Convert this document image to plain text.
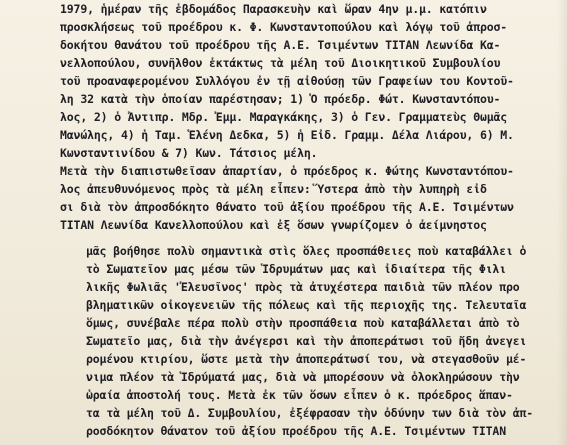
1979, ἡμέραν τῆς ἑβδομάδος Παρασκευὴν καὶ ὥραν 4ην μ.μ. κατόπιν
προσκλήσεως τοῦ προέδρου κ. Φ. Κωνσταντοπούλου καὶ λόγῳ τοῦ ἀπροσ-
δοκήτου θανάτου τοῦ προέδρου τῆς Α.Ε. Τσιμέντων ΤΙΤΑΝ Λεωνίδα Κα-
νελλοπούλου, συνῆλθον ἐκτάκτως τὰ μέλη τοῦ Διοικητικοῦ Συμβουλίου
τοῦ προαναφερομένου Συλλόγου ἐν τῇ αἰθούσῃ τῶν Γραφείων του Κοντοῦ-
λη 32 κατὰ τὴν ὁποίαν παρέστησαν; 1) Ὁ πρόεδρ. Φώτ. Κωνσταντόπου-
λος, 2) ὁ Ἀντιπρ. Μδρ. Ἐμμ. Μαραγκάκης, 3) ὁ Γεν. Γραμματεὺς Θωμᾶς
Μανώλης, 4) ἡ Ταμ. Ἑλένη Δεδκα, 5) ἡ Εἰδ. Γραμμ. Δέλα Λιάρου, 6) Μ.
Κωνσταντινίδου & 7) Κων. Τάτσιος μέλη.
Μετὰ τὴν διαπιστωθεῖσαν ἀπαρτίαν, ὁ πρόεδρος κ. Φώτης Κωνσταντόπου-
λος ἀπευθυνόμενος πρὸς τὰ μέλη εἶπεν: Ὕστερα ἀπὸ τὴν λυπηρὴ εἰδ
σι διὰ τὸν ἀπροσδόκητο θάνατο τοῦ ἀξίου προέδρου τῆς Α.Ε. Τσιμέντων
ΤΙΤΑΝ Λεωνίδα Κανελλοπούλου καὶ ἐξ ὅσων γνωρίζομεν ὁ ἀείμνηστος
μᾶς βοήθησε πολὺ σημαντικὰ στὶς ὅλες προσπάθειες ποὺ καταβάλλει ὁ
τὸ Σωματεῖον μας μέσω τῶν Ἱδρυμάτων μας καὶ ἰδιαίτερα τῆς Φιλι
λικῆς Φωλιᾶς 'Ἐλευσῖνος' πρὸς τὰ ἀτυχέστερα παιδιὰ τῶν πλέον προ
βληματικῶν οἰκογενειῶν τῆς πόλεως καὶ τῆς περιοχῆς της. Τελευταῖα
ὅμως, συνέβαλε πέρα πολὺ στὴν προσπάθεια ποὺ καταβάλλεται ἀπὸ τὸ
Σωματεῖο μας, διὰ τὴν ἀνέγερσι καὶ τὴν ἀποπεράτωσι τοῦ ἤδη ἀνεγει
ρομένου κτιρίου, ὥστε μετὰ τὴν ἀποπεράτωσί του, νὰ στεγασθοῦν μέ-
νιμα πλέον τὰ Ἱδρύματά μας, διὰ νὰ μπορέσουν νὰ ὁλοκληρώσουν τὴν
ὡραία ἀποστολή τους. Μετὰ ἐκ τῶν ὅσων εἶπεν ὁ κ. πρόεδρος ἅπαν-
τα τὰ μέλη τοῦ Δ. Συμβουλίου, ἐξέφρασαν τὴν ὀδύνην των διὰ τὸν ἀπ-
ροσδόκητον θάνατον τοῦ ἀξίου προέδρου τῆς Α.Ε. Τσιμέντων ΤΙΤΑΝ
